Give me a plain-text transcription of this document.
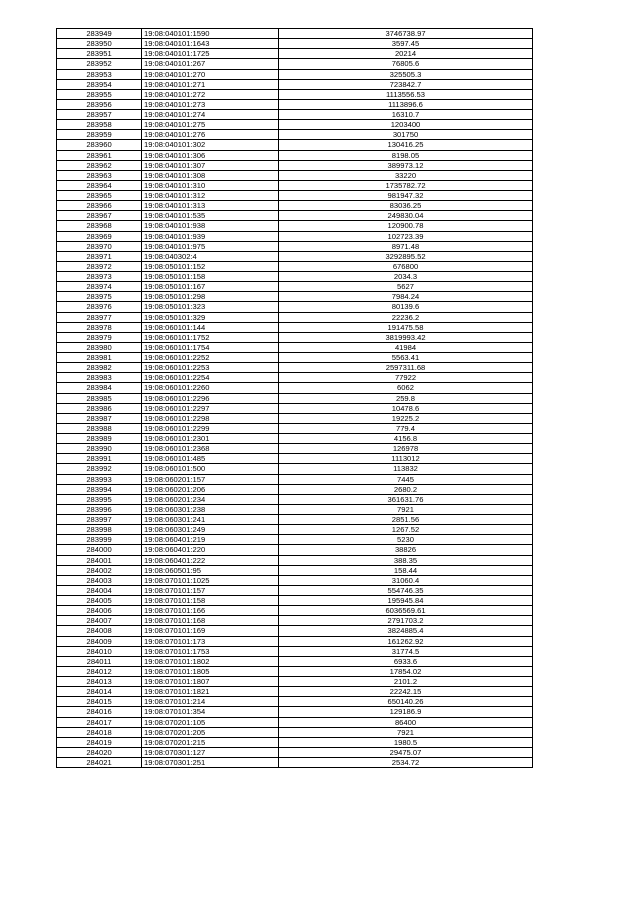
283949	19:08:040101:1590	3746738.97
283950	19:08:040101:1643	3597.45
283951	19:08:040101:1725	20214
283952	19:08:040101:267	76805.6
283953	19:08:040101:270	325505.3
283954	19:08:040101:271	723842.7
283955	19:08:040101:272	1113556.53
283956	19:08:040101:273	1113896.6
283957	19:08:040101:274	16310.7
283958	19:08:040101:275	1203400
283959	19:08:040101:276	301750
283960	19:08:040101:302	130416.25
283961	19:08:040101:306	8198.05
283962	19:08:040101:307	389973.12
283963	19:08:040101:308	33220
283964	19:08:040101:310	1735782.72
283965	19:08:040101:312	981947.32
283966	19:08:040101:313	83036.25
283967	19:08:040101:535	249830.04
283968	19:08:040101:938	120900.78
283969	19:08:040101:939	102723.39
283970	19:08:040101:975	8971.48
283971	19:08:040302:4	3292895.52
283972	19:08:050101:152	676800
283973	19:08:050101:158	2034.3
283974	19:08:050101:167	5627
283975	19:08:050101:298	7984.24
283976	19:08:050101:323	80139.6
283977	19:08:050101:329	22236.2
283978	19:08:060101:144	191475.58
283979	19:08:060101:1752	3819993.42
283980	19:08:060101:1754	41984
283981	19:08:060101:2252	5563.41
283982	19:08:060101:2253	2597311.68
283983	19:08:060101:2254	77922
283984	19:08:060101:2260	6062
283985	19:08:060101:2296	259.8
283986	19:08:060101:2297	10478.6
283987	19:08:060101:2298	19225.2
283988	19:08:060101:2299	779.4
283989	19:08:060101:2301	4156.8
283990	19:08:060101:2368	126978
283991	19:08:060101:485	1113012
283992	19:08:060101:500	113832
283993	19:08:060201:157	7445
283994	19:08:060201:206	2680.2
283995	19:08:060201:234	361631.76
283996	19:08:060301:238	7921
283997	19:08:060301:241	2851.56
283998	19:08:060301:249	1267.52
283999	19:08:060401:219	5230
284000	19:08:060401:220	38826
284001	19:08:060401:222	388.35
284002	19:08:060501:95	158.44
284003	19:08:070101:1025	31060.4
284004	19:08:070101:157	554746.35
284005	19:08:070101:158	195945.84
284006	19:08:070101:166	6036569.61
284007	19:08:070101:168	2791703.2
284008	19:08:070101:169	3824885.4
284009	19:08:070101:173	161262.92
284010	19:08:070101:1753	31774.5
284011	19:08:070101:1802	6933.6
284012	19:08:070101:1805	17854.02
284013	19:08:070101:1807	2101.2
284014	19:08:070101:1821	22242.15
284015	19:08:070101:214	650140.26
284016	19:08:070101:354	129186.9
284017	19:08:070201:105	86400
284018	19:08:070201:205	7921
284019	19:08:070201:215	1980.5
284020	19:08:070301:127	29475.07
284021	19:08:070301:251	2534.72
